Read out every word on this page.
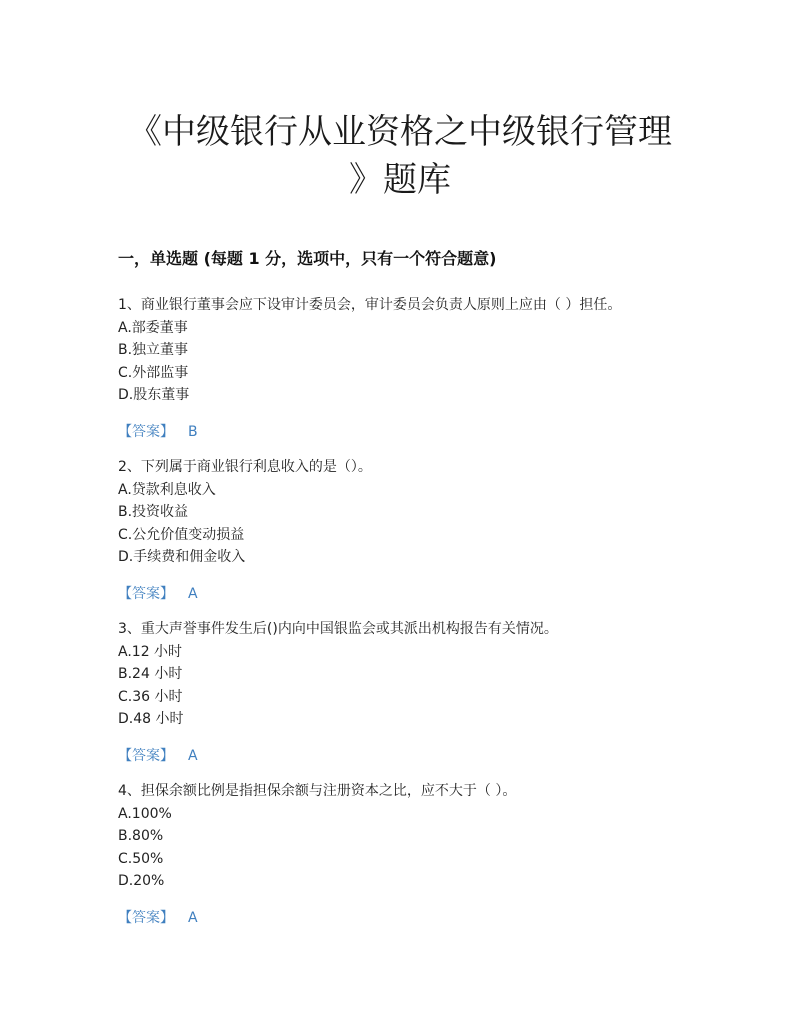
《中级银行从业资格之中级银行管理
》题库
一，单选题 (每题 1 分，选项中，只有一个符合题意)
1、商业银行董事会应下设审计委员会，审计委员会负责人原则上应由（ ）担任。
A.部委董事
B.独立董事
C.外部监事
D.股东董事
【答案】 B
2、下列属于商业银行利息收入的是（）。
A.贷款利息收入
B.投资收益
C.公允价值变动损益
D.手续费和佣金收入
【答案】 A
3、重大声誉事件发生后()内向中国银监会或其派出机构报告有关情况。
A.12 小时
B.24 小时
C.36 小时
D.48 小时
【答案】 A
4、担保余额比例是指担保余额与注册资本之比，应不大于（ ）。
A.100%
B.80%
C.50%
D.20%
【答案】 A
